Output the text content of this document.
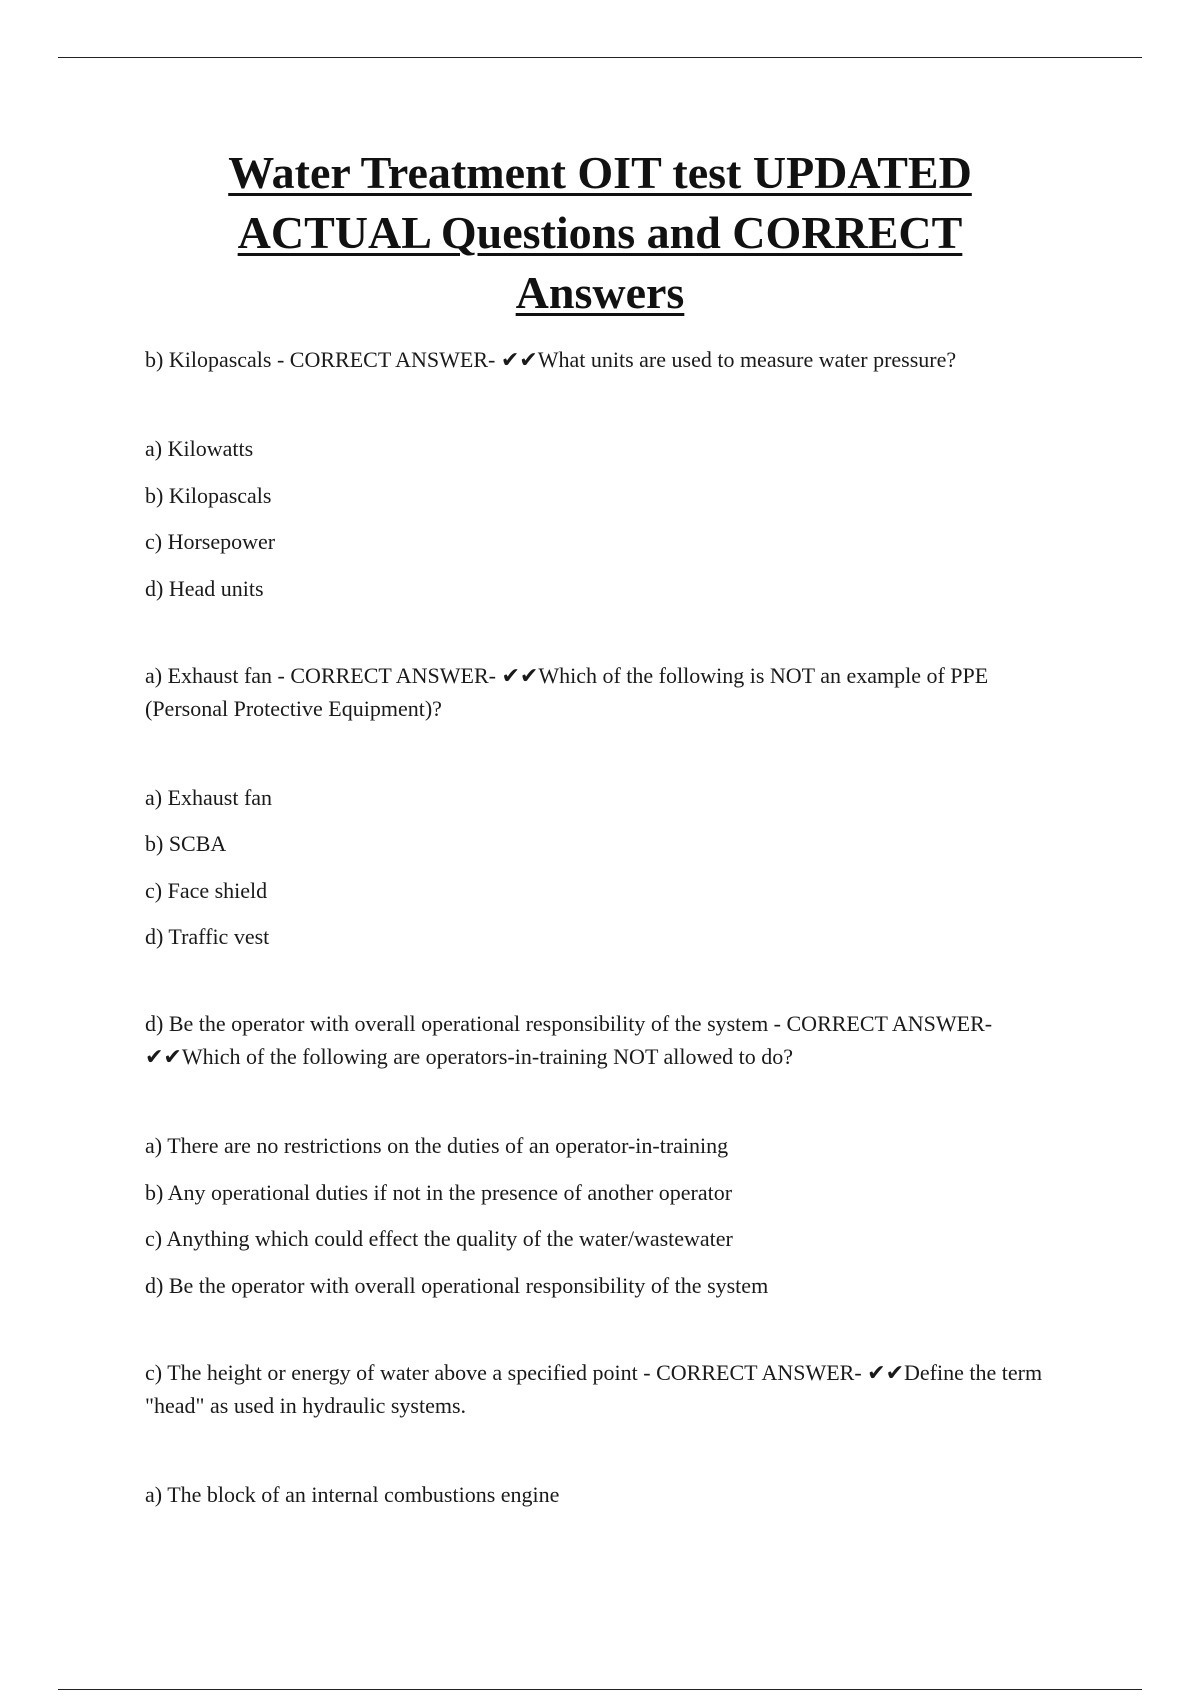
Water Treatment OIT test UPDATED
ACTUAL Questions and CORRECT
Answers

b) Kilopascals - CORRECT ANSWER- ✔✔What units are used to measure water pressure?

a) Kilowatts

b) Kilopascals

c) Horsepower

d) Head units

a) Exhaust fan - CORRECT ANSWER- ✔✔Which of the following is NOT an example of PPE (Personal Protective Equipment)?

a) Exhaust fan

b) SCBA

c) Face shield

d) Traffic vest

d) Be the operator with overall operational responsibility of the system - CORRECT ANSWER- ✔✔Which of the following are operators-in-training NOT allowed to do?

a) There are no restrictions on the duties of an operator-in-training

b) Any operational duties if not in the presence of another operator

c) Anything which could effect the quality of the water/wastewater

d) Be the operator with overall operational responsibility of the system

c) The height or energy of water above a specified point - CORRECT ANSWER- ✔✔Define the term "head" as used in hydraulic systems.

a) The block of an internal combustions engine
